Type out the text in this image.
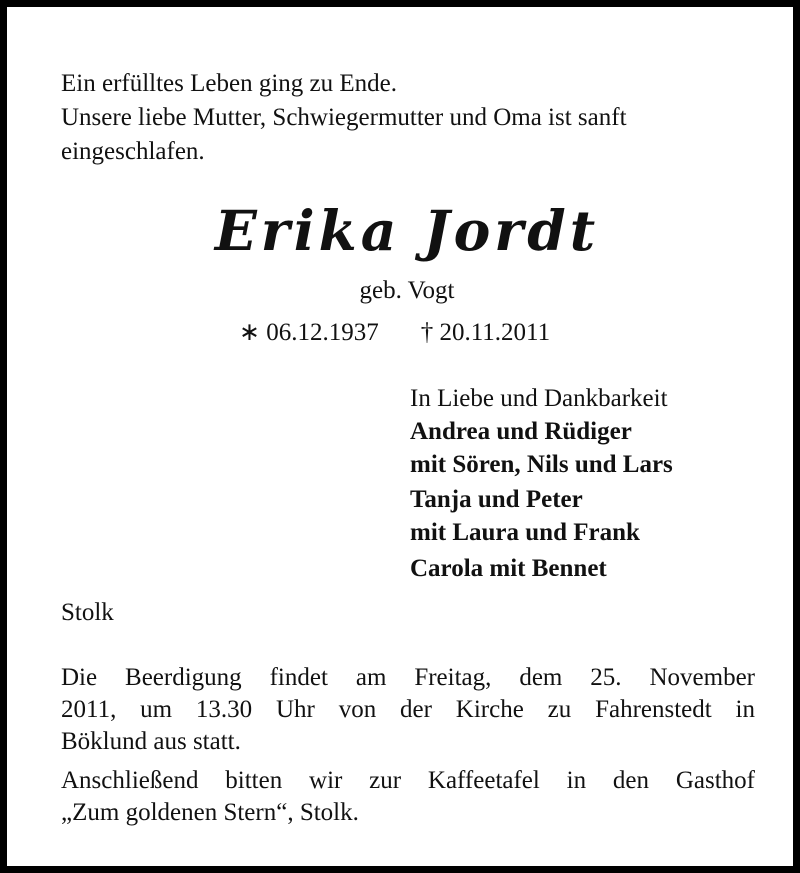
Ein erfülltes Leben ging zu Ende.
Unsere liebe Mutter, Schwiegermutter und Oma ist sanft
eingeschlafen.
Erika Jordt
geb. Vogt
∗ 06.12.1937 † 20.11.2011
In Liebe und Dankbarkeit
Andrea und Rüdiger
mit Sören, Nils und Lars
Tanja und Peter
mit Laura und Frank
Carola mit Bennet
Stolk
Die Beerdigung findet am Freitag, dem 25. November
2011, um 13.30 Uhr von der Kirche zu Fahrenstedt in
Böklund aus statt.
Anschließend bitten wir zur Kaffeetafel in den Gasthof
„Zum goldenen Stern“, Stolk.
